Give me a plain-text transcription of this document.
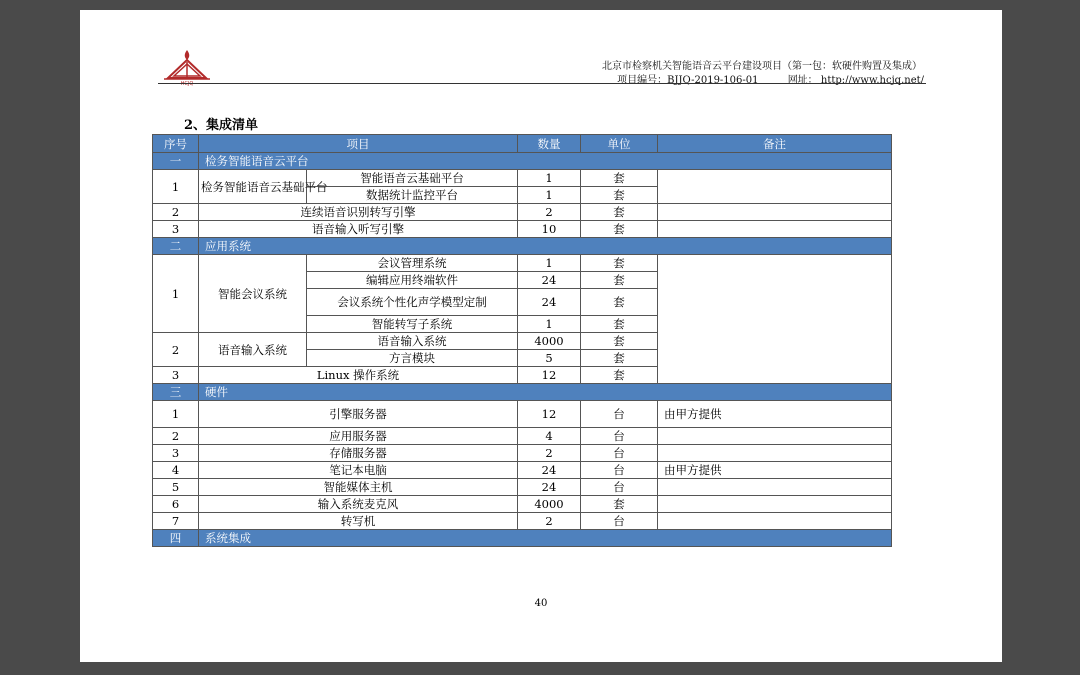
HCJQ
北京市检察机关智能语音云平台建设项目（第一包：软硬件购置及集成）
项目编号：BJJQ-2019-106-01	网址： http://www.hcjq.net/
2、集成清单
序号	项目		数量	单位	备注
一	检务智能语音云平台				
1	检务智能语音云基础平台	智能语音云基础平台	1	套	
		数据统计监控平台	1	套	
2	连续语音识别转写引擎		2	套	
3	语音输入听写引擎		10	套	
二	应用系统				
1	智能会议系统	会议管理系统	1	套	
		编辑应用终端软件	24	套	
		会议系统个性化声学模型定制	24	套	
		智能转写子系统	1	套	
2	语音输入系统	语音输入系统	4000	套	
		方言模块	5	套	
3	Linux 操作系统		12	套	
三	硬件				
1	引擎服务器		12	台	由甲方提供
2	应用服务器		4	台	
3	存储服务器		2	台	
4	笔记本电脑		24	台	由甲方提供
5	智能媒体主机		24	台	
6	输入系统麦克风		4000	套	
7	转写机		2	台	
四	系统集成				
40
